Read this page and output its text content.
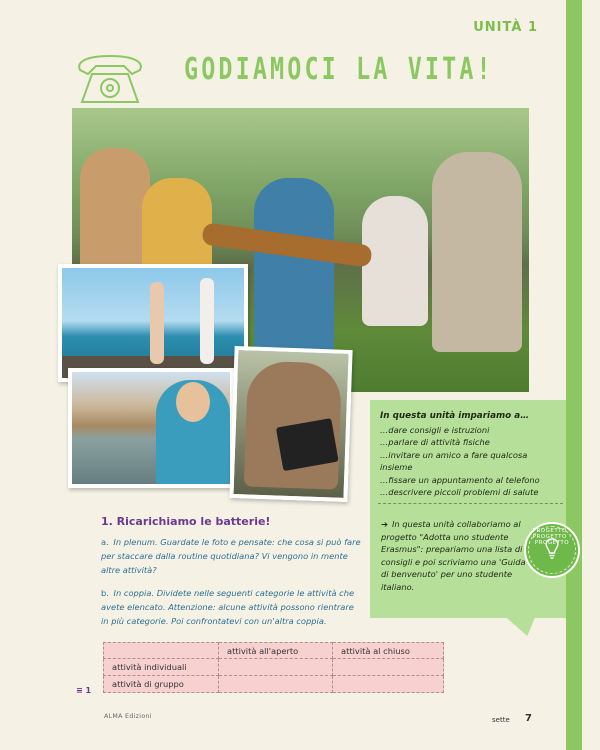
UNITÀ 1
GODIAMOCI LA VITA!
In questa unità impariamo a…
…dare consigli e istruzioni
…parlare di attività fisiche
…invitare un amico a fare qualcosa insieme
…fissare un appuntamento al telefono
…descrivere piccoli problemi di salute
➔ In questa unità collaboriamo al progetto "Adotta uno studente Erasmus": prepariamo una lista di consigli e poi scriviamo una 'Guida di benvenuto' per uno studente italiano.
PROGETTO · PROGETTO · PROGETTO
1. Ricarichiamo le batterie!
a. In plenum. Guardate le foto e pensate: che cosa si può fare per staccare dalla routine quotidiana? Vi vengono in mente altre attività?
b. In coppia. Dividete nelle seguenti categorie le attività che avete elencato. Attenzione: alcune attività possono rientrare in più categorie. Poi confrontatevi con un'altra coppia.
	attività all'aperto	attività al chiuso
attività individuali		
attività di gruppo		
≡ 1
ALMA Edizioni	sette 7
